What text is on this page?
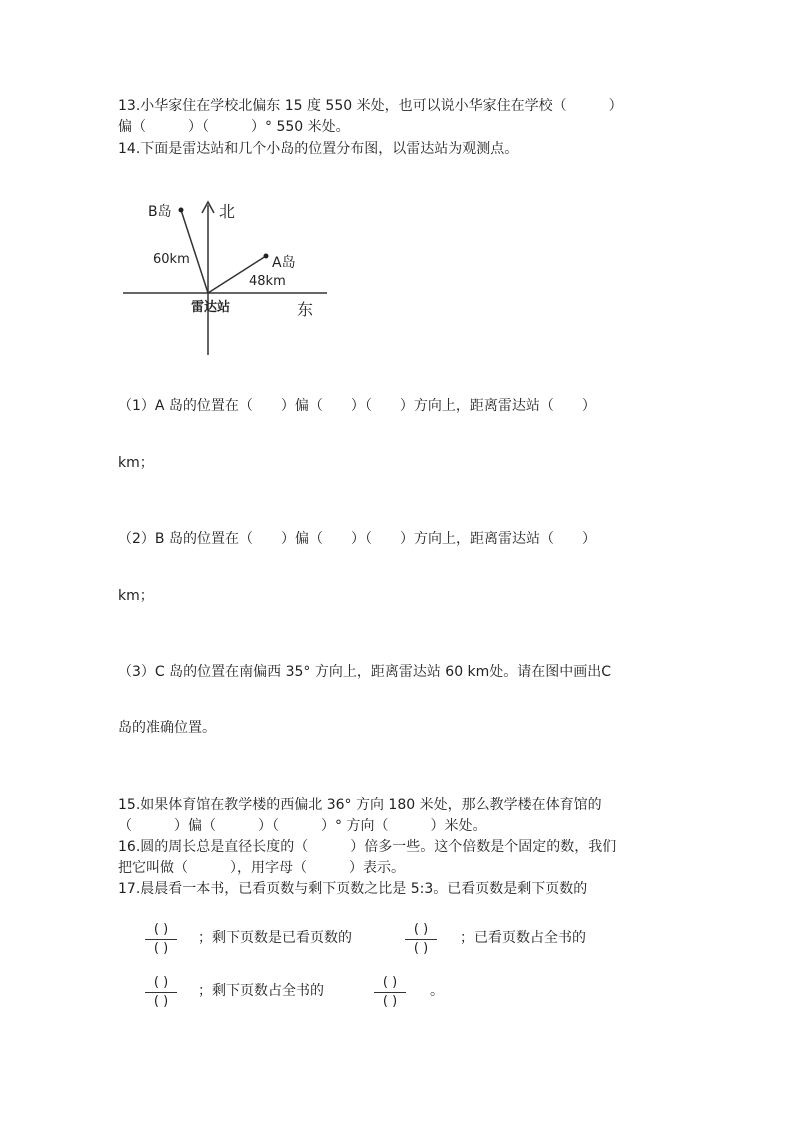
13.小华家住在学校北偏东 15 度 550 米处，也可以说小华家住在学校（　　　）
偏（　　　）（　　　）° 550 米处。
14.下面是雷达站和几个小岛的位置分布图，以雷达站为观测点。
北
东
雷达站
B岛
A岛
60km
48km
（1）A 岛的位置在（　　）偏（　　）（　　）方向上，距离雷达站（　　）
km；
（2）B 岛的位置在（　　）偏（　　）（　　）方向上，距离雷达站（　　）
km；
（3）C 岛的位置在南偏西 35° 方向上，距离雷达站 60 km处。请在图中画出C
岛的准确位置。
15.如果体育馆在教学楼的西偏北 36° 方向 180 米处，那么教学楼在体育馆的
（　　　）偏（　　　）（　　　）° 方向（　　　）米处。
16.圆的周长总是直径长度的（　　　）倍多一些。这个倍数是个固定的数，我们
把它叫做（　　　），用字母（　　　）表示。
17.晨晨看一本书，已看页数与剩下页数之比是 5:3。已看页数是剩下页数的
( )
( )
；剩下页数是已看页数的
( )
( )
；已看页数占全书的
( )
( )
；剩下页数占全书的
( )
( )
。
